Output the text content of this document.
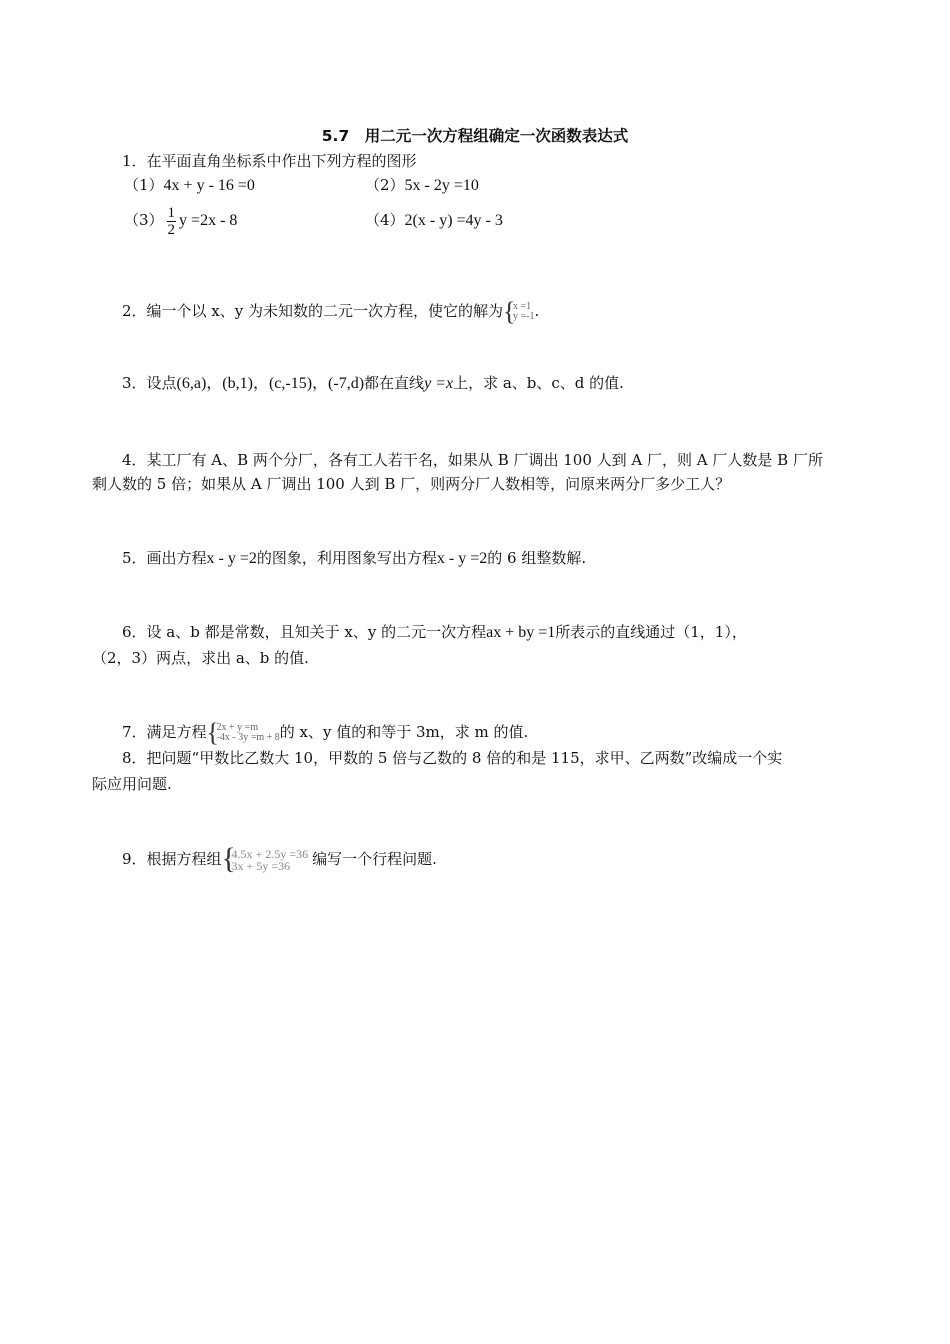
5.7　用二元一次方程组确定一次函数表达式
1．在平面直角坐标系中作出下列方程的图形
（1）4x + y - 16 =0	（2）5x - 2y =10
$(3) \frac{1}{2}$ y =2x - 8	（4）2(x - y) =4y - 3
2．编一个以 x、y 为未知数的二元一次方程，使它的解为 {
x =1
y =-1 .
3．设点(6,a)，(b,1)，(c,-15)，(-7,d)都在直线y =x上，求 a、b、c、d 的值.
4．某工厂有 A、B 两个分厂，各有工人若干名，如果从 B 厂调出 100 人到 A 厂，则 A 厂人数是 B 厂所
剩人数的 5 倍；如果从 A 厂调出 100 人到 B 厂，则两分厂人数相等，问原来两分厂多少工人？
5．画出方程x - y =2的图象，利用图象写出方程x - y =2的 6 组整数解.
6．设 a、b 都是常数，且知关于 x、y 的二元一次方程ax + by =1所表示的直线通过（1，1），
（2，3）两点，求出 a、b 的值.
7．满足方程 {
2x + y =m
-4x - 3y =m + 8 的 x、y 值的和等于 3m，求 m 的值.
8．把问题“甲数比乙数大 10，甲数的 5 倍与乙数的 8 倍的和是 115，求甲、乙两数”改编成一个实
际应用问题.
9．根据方程组 {
4.5x + 2.5y =36
3x + 5y =36	编写一个行程问题.
